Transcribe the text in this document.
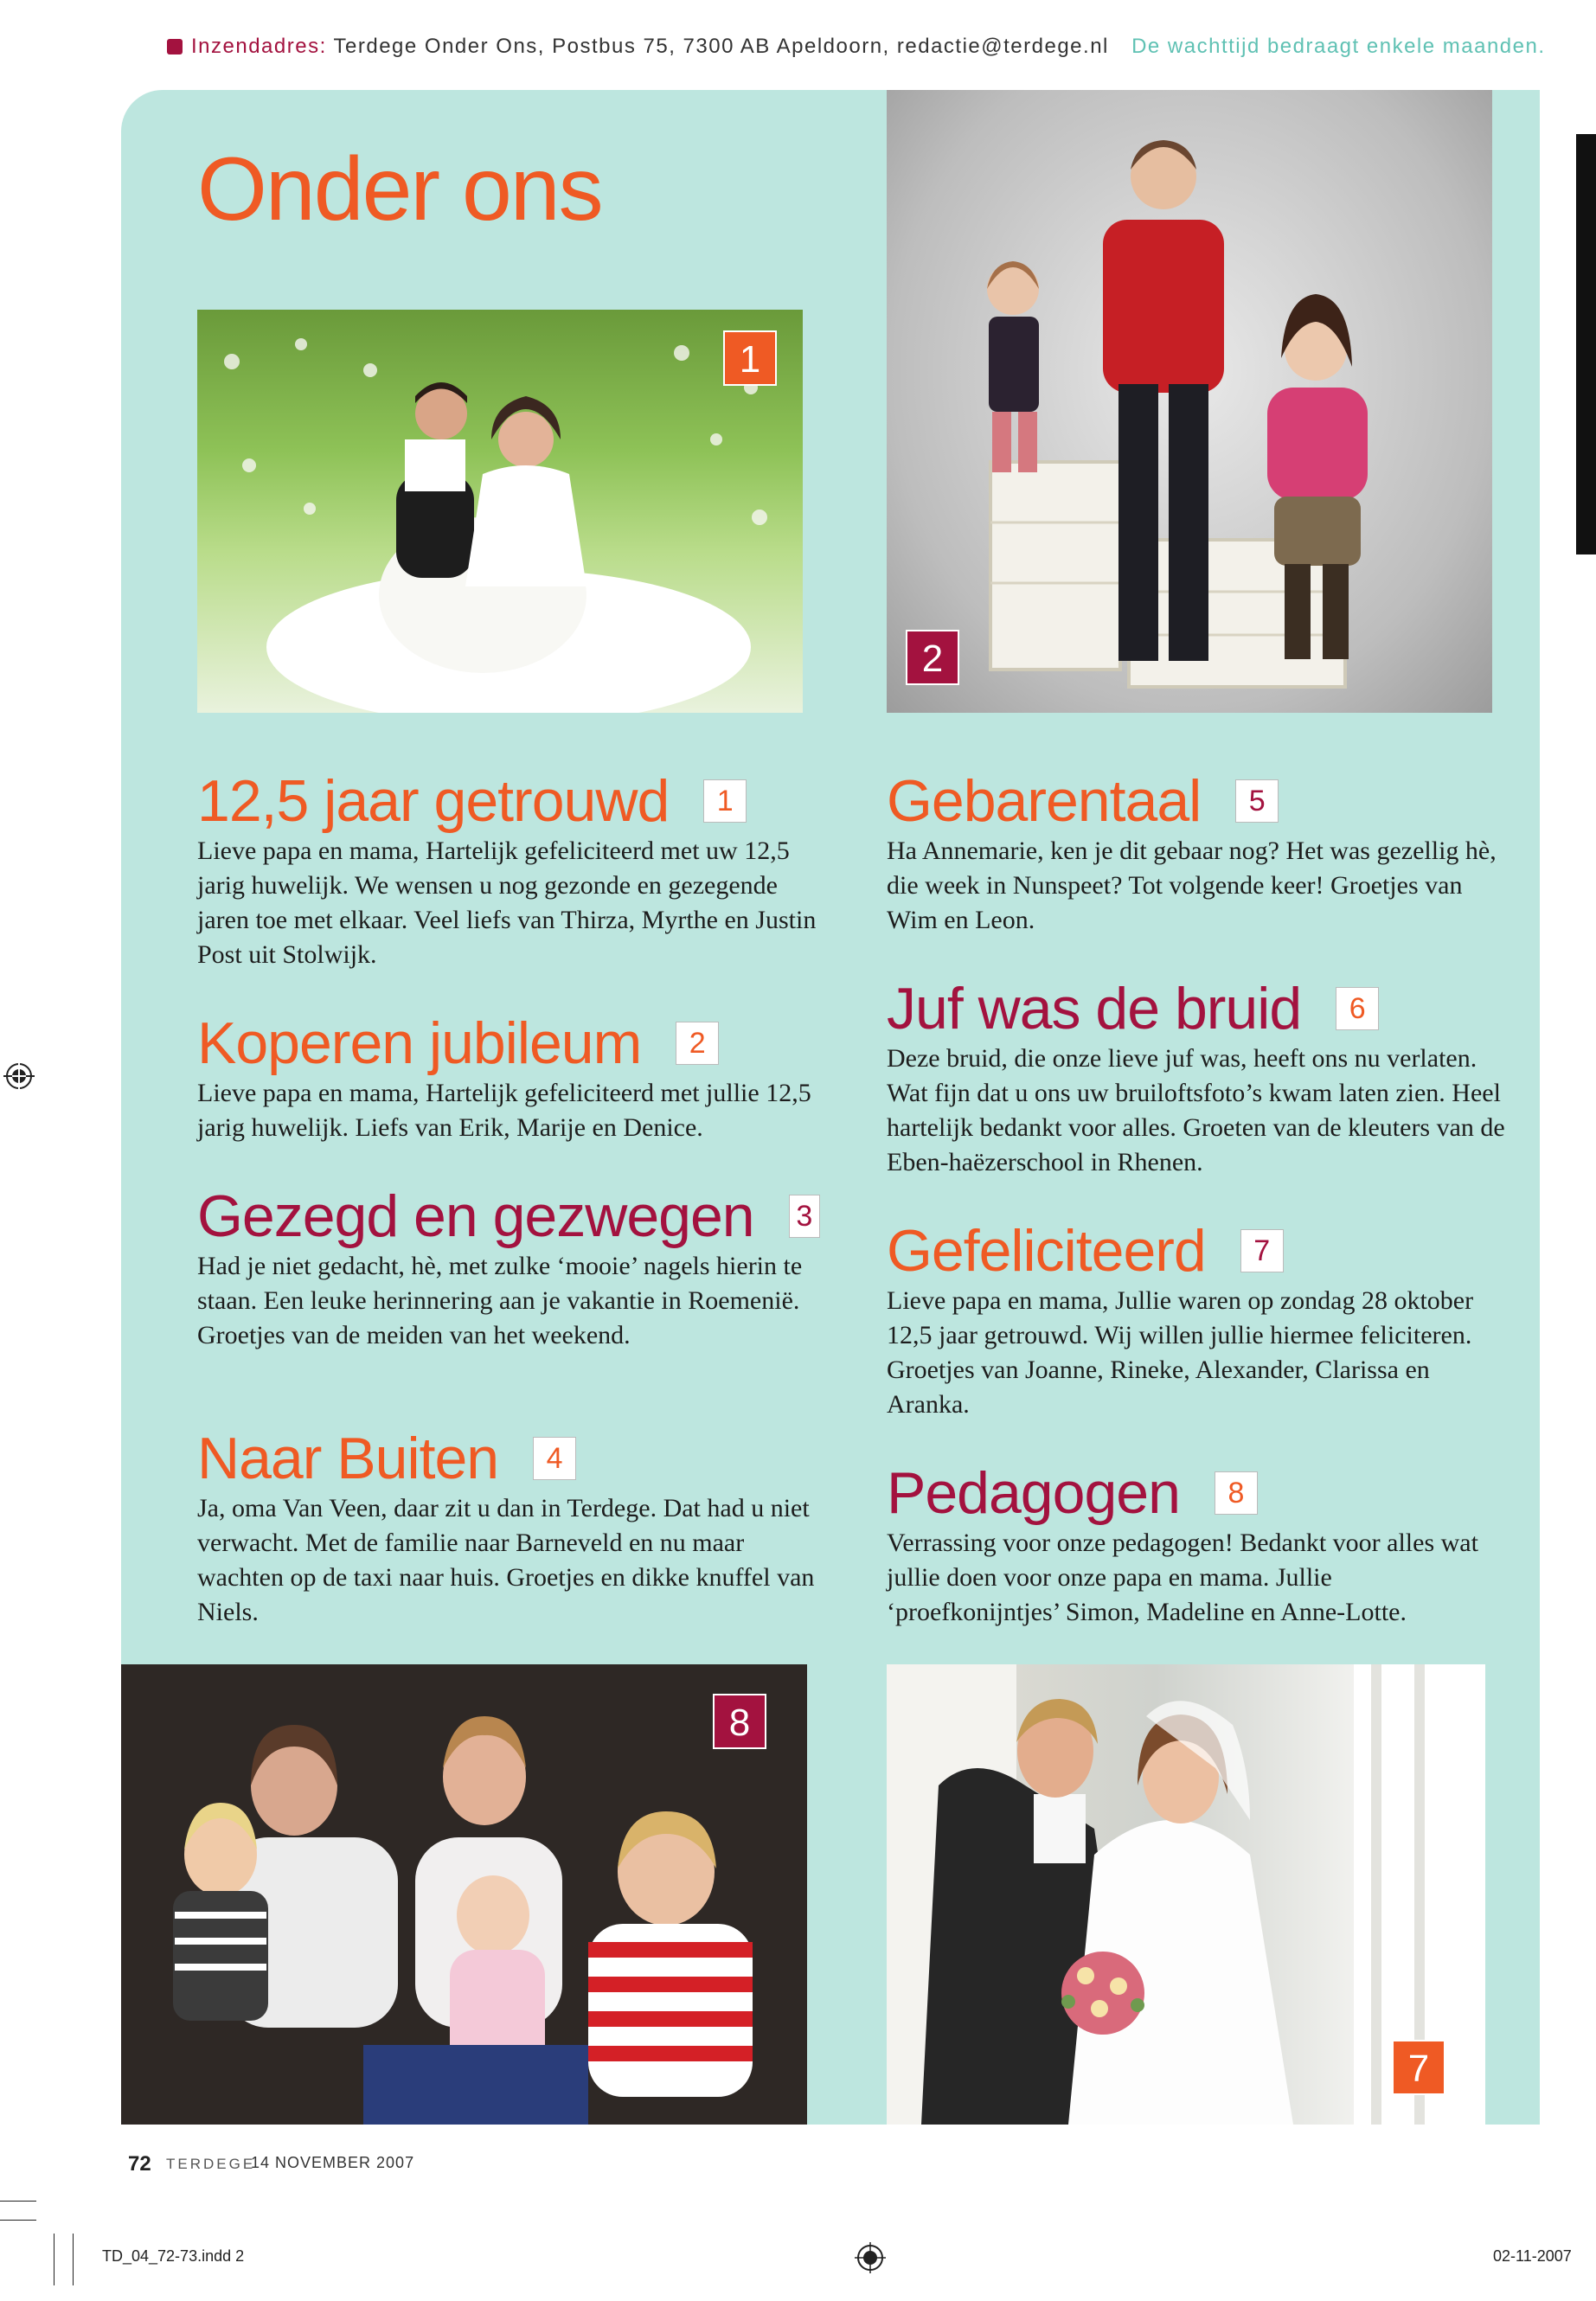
Inzendadres: Terdege Onder Ons, Postbus 75, 7300 AB Apeldoorn, redactie@terdege.nl De wachttijd bedraagt enkele maanden.
Onder ons
1
2
12,5 jaar getrouwd	1
Lieve papa en mama, Hartelijk gefeliciteerd met uw 12,5 jarig huwelijk. We wensen u nog gezonde en gezegende jaren toe met elkaar. Veel liefs van Thirza, Myrthe en Justin Post uit Stolwijk.
Koperen jubileum	2
Lieve papa en mama, Hartelijk gefeliciteerd met jullie 12,5 jarig huwelijk. Liefs van Erik, Marije en Denice.
Gezegd en gezwegen 3
Had je niet gedacht, hè, met zulke ‘mooie’ nagels hierin te staan. Een leuke herinnering aan je vakantie in Roemenië. Groetjes van de meiden van het weekend.
Naar Buiten	4
Ja, oma Van Veen, daar zit u dan in Terdege. Dat had u niet verwacht. Met de familie naar Barneveld en nu maar wachten op de taxi naar huis. Groetjes en dikke knuffel van Niels.
Gebarentaal	5
Ha Annemarie, ken je dit gebaar nog? Het was gezellig hè, die week in Nunspeet? Tot volgende keer! Groetjes van Wim en Leon.
Juf was de bruid	6
Deze bruid, die onze lieve juf was, heeft ons nu verlaten. Wat fijn dat u ons uw bruiloftsfoto’s kwam laten zien. Heel hartelijk bedankt voor alles. Groeten van de kleuters van de Eben-haëzerschool in Rhenen.
Gefeliciteerd	7
Lieve papa en mama, Jullie waren op zondag 28 oktober 12,5 jaar getrouwd. Wij willen jullie hiermee feliciteren. Groetjes van Joanne, Rineke, Alexander, Clarissa en Aranka.
Pedagogen	8
Verrassing voor onze pedagogen! Bedankt voor alles wat jullie doen voor onze papa en mama. Jullie ‘proefkonijntjes’ Simon, Madeline en Anne-Lotte.
8
7
72 TERDEGE
14 NOVEMBER 2007
TD_04_72-73.indd 2	02-11-2007
